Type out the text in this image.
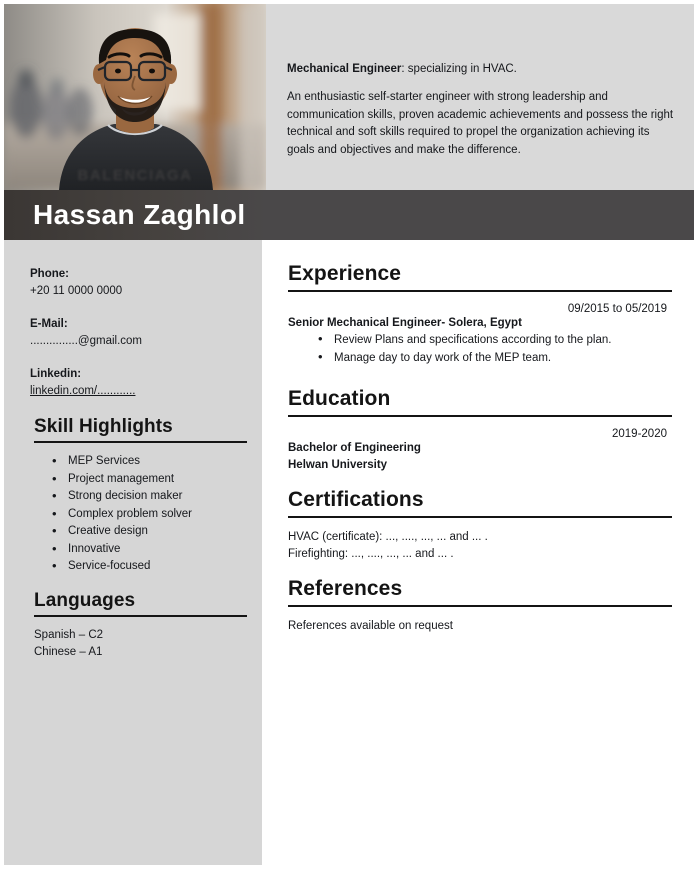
BALENCIAGA
Mechanical Engineer: specializing in HVAC.
An enthusiastic self-starter engineer with strong leadership and communication skills, proven academic achievements and possess the right technical and soft skills required to propel the organization achieving its goals and objectives and make the difference.
Hassan Zaghlol
Phone:
+20 11 0000 0000
E-Mail:
...............@gmail.com
Linkedin:
linkedin.com/............
Skill Highlights
• MEP Services
• Project management
• Strong decision maker
• Complex problem solver
• Creative design
• Innovative
• Service-focused
Languages
Spanish – C2
Chinese – A1
Experience
09/2015 to 05/2019
Senior Mechanical Engineer- Solera, Egypt
• Review Plans and specifications according to the plan.
• Manage day to day work of the MEP team.
Education
2019-2020
Bachelor of Engineering
Helwan University
Certifications
HVAC (certificate): ..., ...., ..., ... and ... .
Firefighting: ..., ...., ..., ... and ... .
References
References available on request
